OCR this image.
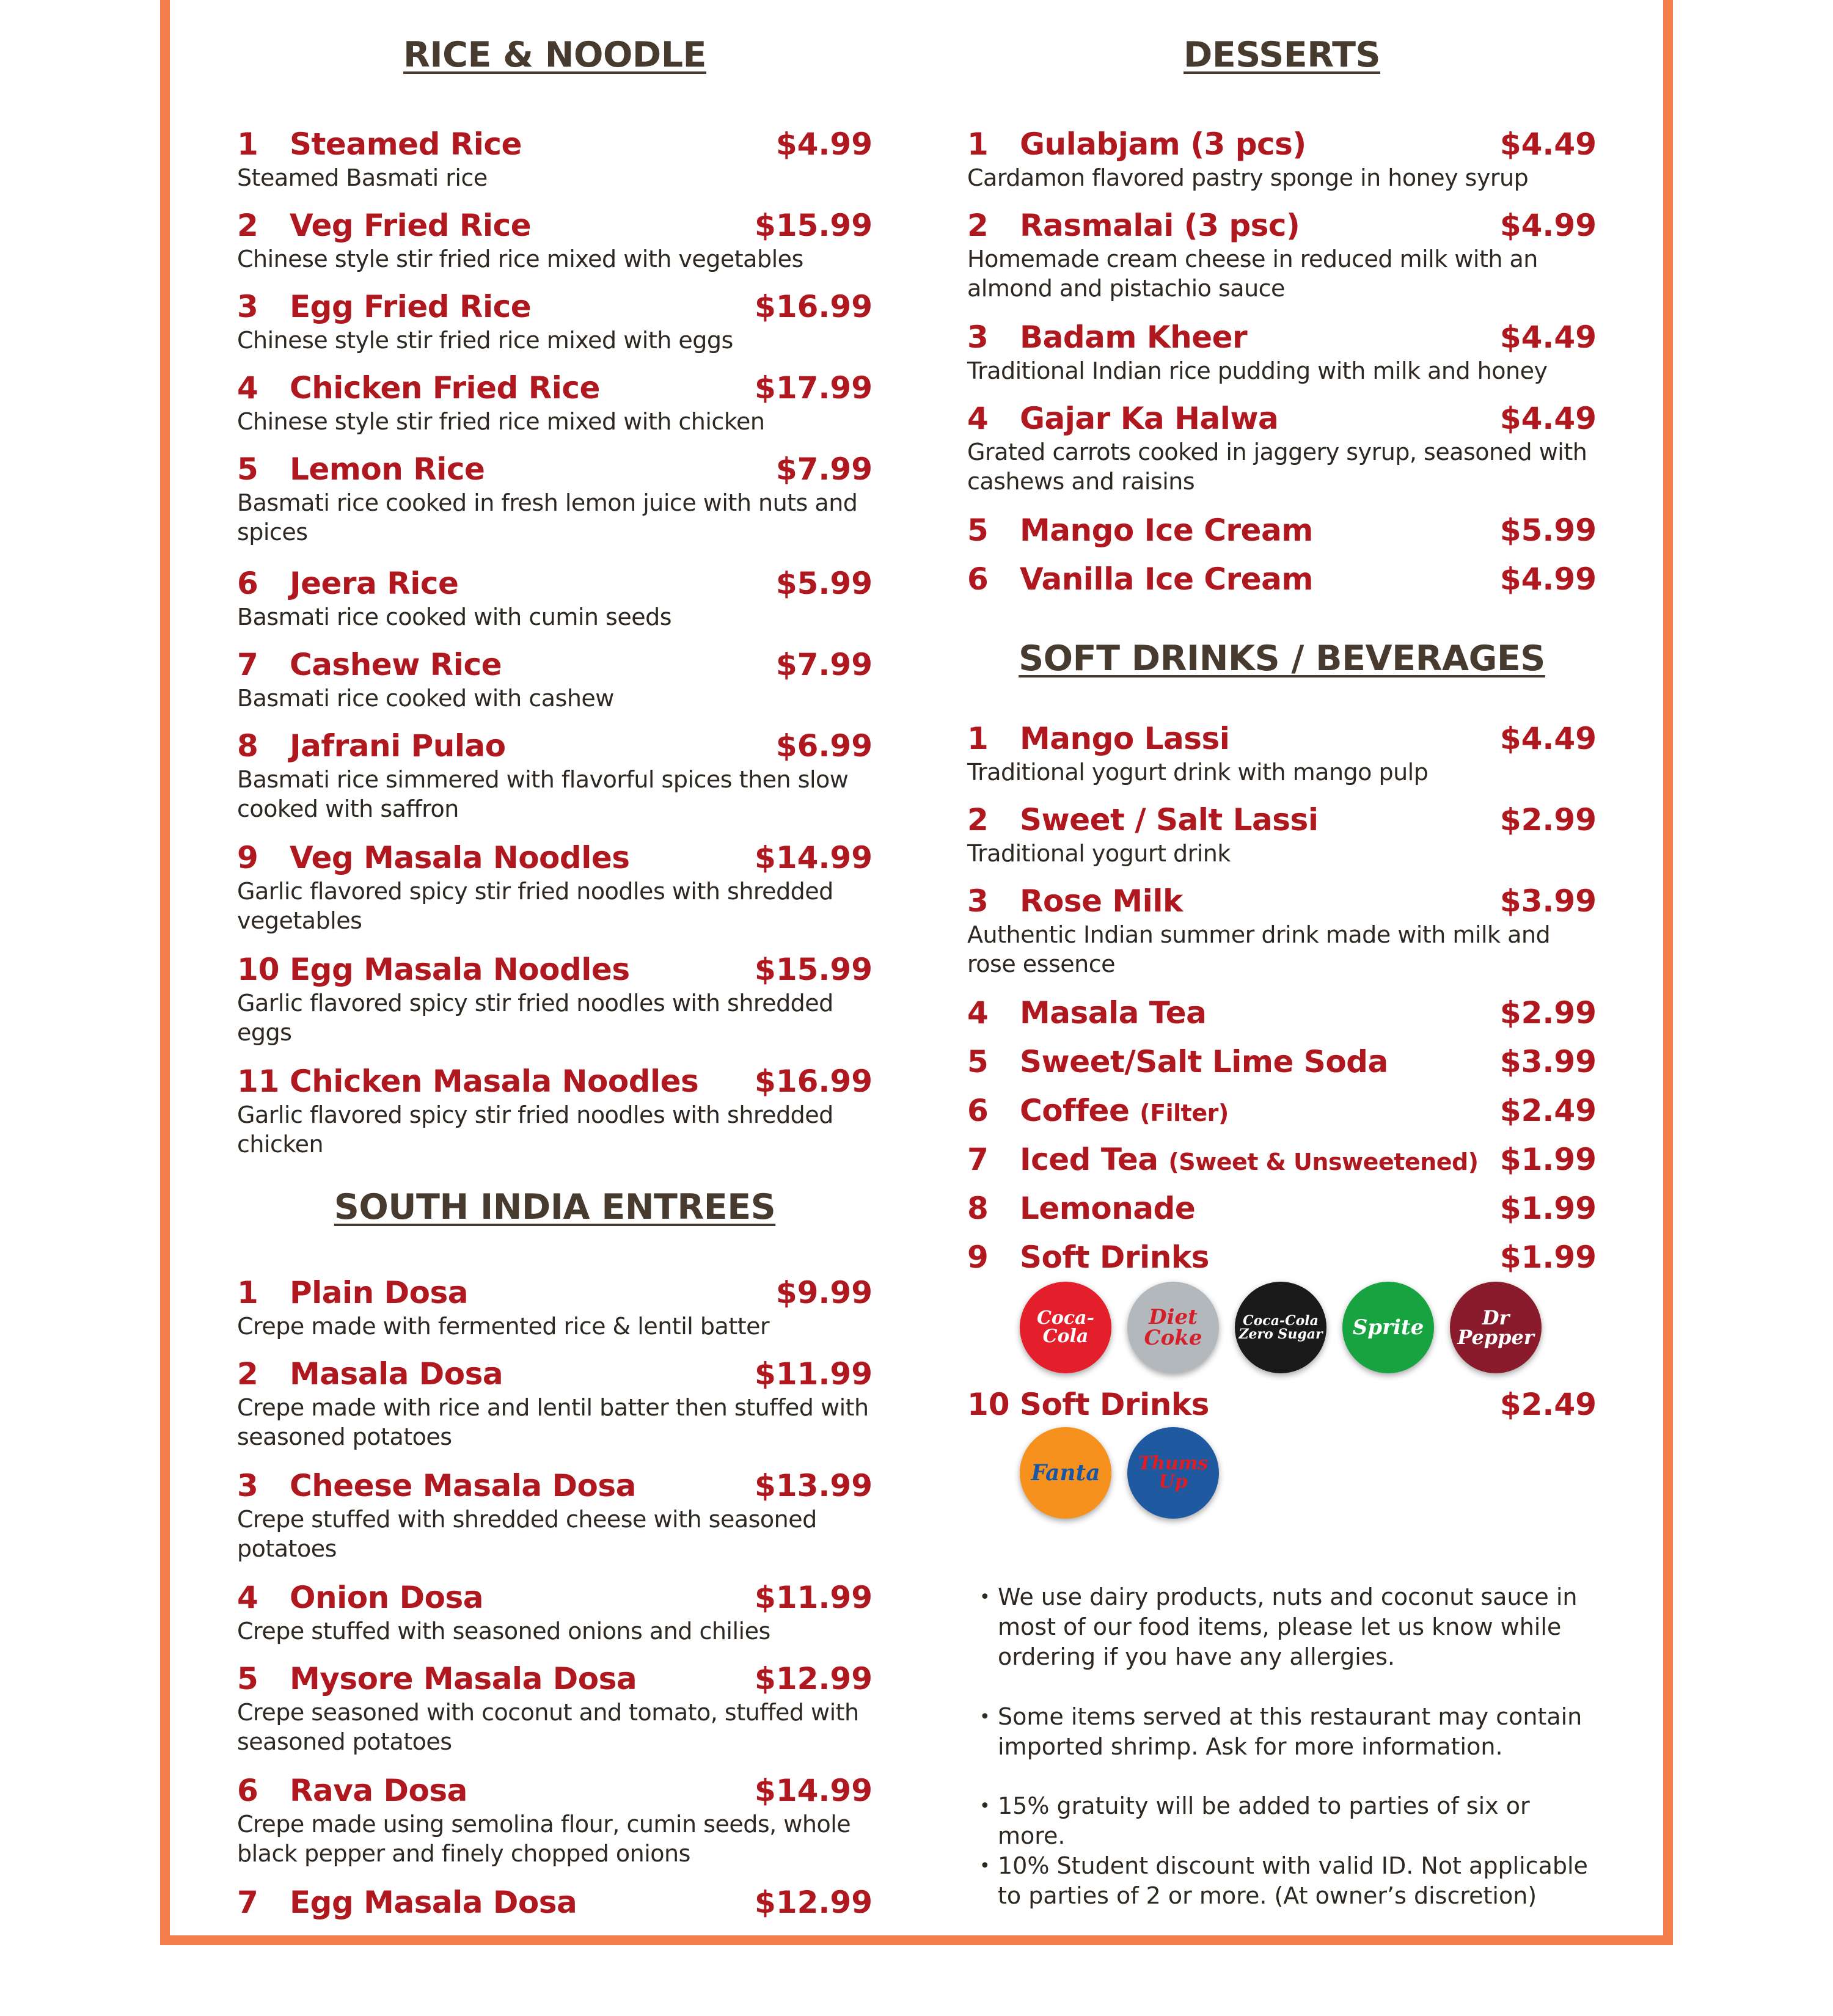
RICE & NOODLE
1 Steamed Rice	$4.99
Steamed Basmati rice
2 Veg Fried Rice	$15.99
Chinese style stir fried rice mixed with vegetables
3 Egg Fried Rice	$16.99
Chinese style stir fried rice mixed with eggs
4 Chicken Fried Rice	$17.99
Chinese style stir fried rice mixed with chicken
5 Lemon Rice	$7.99
Basmati rice cooked in fresh lemon juice with nuts and spices
6 Jeera Rice	$5.99
Basmati rice cooked with cumin seeds
7 Cashew Rice	$7.99
Basmati rice cooked with cashew
8 Jafrani Pulao	$6.99
Basmati rice simmered with flavorful spices then slow cooked with saffron
9 Veg Masala Noodles	$14.99
Garlic flavored spicy stir fried noodles with shredded vegetables
10 Egg Masala Noodles	$15.99
Garlic flavored spicy stir fried noodles with shredded eggs
11 Chicken Masala Noodles $16.99
Garlic flavored spicy stir fried noodles with shredded chicken
SOUTH INDIA ENTREES
1 Plain Dosa	$9.99
Crepe made with fermented rice & lentil batter
2 Masala Dosa	$11.99
Crepe made with rice and lentil batter then stuffed with seasoned potatoes
3 Cheese Masala Dosa	$13.99
Crepe stuffed with shredded cheese with seasoned potatoes
4 Onion Dosa	$11.99
Crepe stuffed with seasoned onions and chilies
5 Mysore Masala Dosa	$12.99
Crepe seasoned with coconut and tomato, stuffed with seasoned potatoes
6 Rava Dosa	$14.99
Crepe made using semolina flour, cumin seeds, whole black pepper and finely chopped onions
7 Egg Masala Dosa	$12.99
DESSERTS
1 Gulabjam (3 pcs)	$4.49
Cardamon flavored pastry sponge in honey syrup
2 Rasmalai (3 psc)	$4.99
Homemade cream cheese in reduced milk with an almond and pistachio sauce
3 Badam Kheer	$4.49
Traditional Indian rice pudding with milk and honey
4 Gajar Ka Halwa	$4.49
Grated carrots cooked in jaggery syrup, seasoned with cashews and raisins
5 Mango Ice Cream	$5.99
6 Vanilla Ice Cream	$4.99
SOFT DRINKS / BEVERAGES
1 Mango Lassi	$4.49
Traditional yogurt drink with mango pulp
2 Sweet / Salt Lassi	$2.99
Traditional yogurt drink
3 Rose Milk	$3.99
Authentic Indian summer drink made with milk and rose essence
4 Masala Tea	$2.99
5 Sweet/Salt Lime Soda	$3.99
6 Coffee (Filter)	$2.49
7 Iced Tea (Sweet & Unsweetened) $1.99
8 Lemonade	$1.99
9 Soft Drinks	$1.99
10 Soft Drinks	$2.49
Coca-Cola
Diet Coke
Coca-Cola Zero Sugar Sprite	Dr Pepper
Fanta	Thums Up
• We use dairy products, nuts and coconut sauce in most of our food items, please let us know while ordering if you have any allergies.
• Some items served at this restaurant may contain imported shrimp. Ask for more information.
• 15% gratuity will be added to parties of six or more.
• 10% Student discount with valid ID. Not applicable to parties of 2 or more. (At owner’s discretion)
